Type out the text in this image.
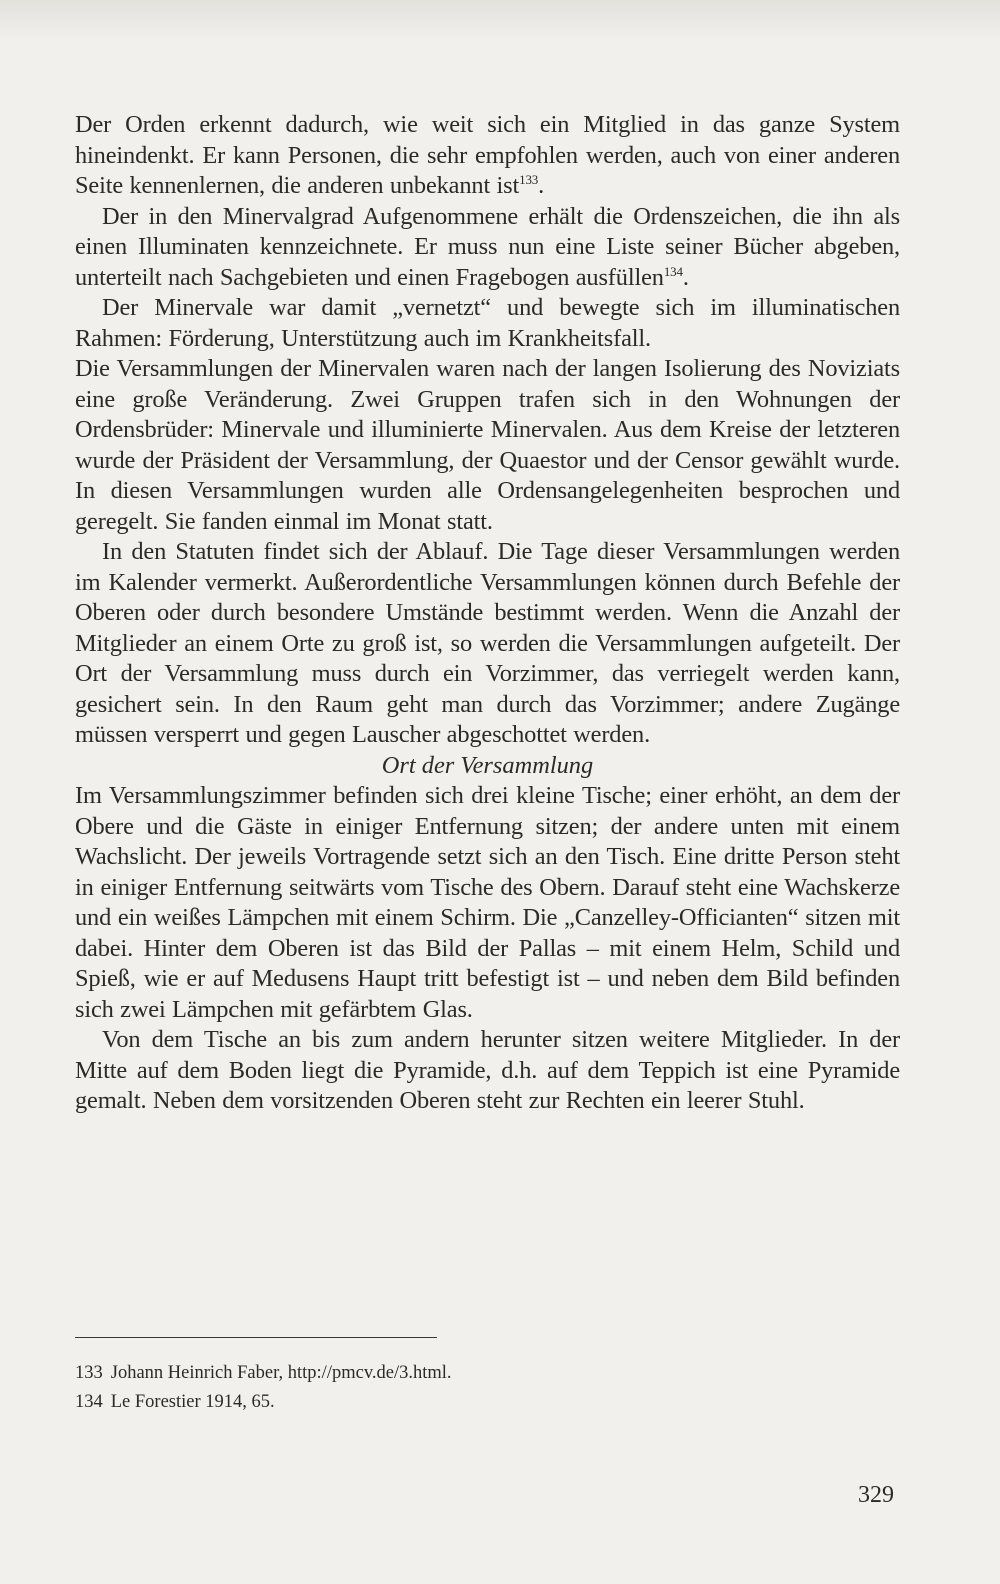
Der Orden erkennt dadurch, wie weit sich ein Mitglied in das ganze System hineindenkt. Er kann Personen, die sehr empfohlen werden, auch von einer anderen Seite kennenlernen, die anderen unbekannt ist$^{133}$.

Der in den Minervalgrad Aufgenommene erhält die Ordenszeichen, die ihn als einen Illuminaten kennzeichnete. Er muss nun eine Liste seiner Bücher abgeben, unterteilt nach Sachgebieten und einen Fragebogen ausfüllen$^{134}$.

Der Minervale war damit „vernetzt“ und bewegte sich im illuminatischen Rahmen: Förderung, Unterstützung auch im Krankheitsfall.

Die Versammlungen der Minervalen waren nach der langen Isolierung des Noviziats eine große Veränderung. Zwei Gruppen trafen sich in den Wohnungen der Ordensbrüder: Minervale und illuminierte Minervalen. Aus dem Kreise der letzteren wurde der Präsident der Versammlung, der Quaestor und der Censor gewählt wurde. In diesen Versammlungen wurden alle Ordensangelegenheiten besprochen und geregelt. Sie fanden einmal im Monat statt.

In den Statuten findet sich der Ablauf. Die Tage dieser Versammlungen werden im Kalender vermerkt. Außerordentliche Versammlungen können durch Befehle der Oberen oder durch besondere Umstände bestimmt werden. Wenn die Anzahl der Mitglieder an einem Orte zu groß ist, so werden die Versammlungen aufgeteilt. Der Ort der Versammlung muss durch ein Vorzimmer, das verriegelt werden kann, gesichert sein. In den Raum geht man durch das Vorzimmer; andere Zugänge müssen versperrt und gegen Lauscher abgeschottet werden.

Ort der Versammlung

Im Versammlungszimmer befinden sich drei kleine Tische; einer erhöht, an dem der Obere und die Gäste in einiger Entfernung sitzen; der andere unten mit einem Wachslicht. Der jeweils Vortragende setzt sich an den Tisch. Eine dritte Person steht in einiger Entfernung seitwärts vom Tische des Obern. Darauf steht eine Wachskerze und ein weißes Lämpchen mit einem Schirm. Die „Canzelley-Officianten“ sitzen mit dabei. Hinter dem Oberen ist das Bild der Pallas – mit einem Helm, Schild und Spieß, wie er auf Medusens Haupt tritt befestigt ist – und neben dem Bild befinden sich zwei Lämpchen mit gefärbtem Glas.

Von dem Tische an bis zum andern herunter sitzen weitere Mitglieder. In der Mitte auf dem Boden liegt die Pyramide, d.h. auf dem Teppich ist eine Pyramide gemalt. Neben dem vorsitzenden Oberen steht zur Rechten ein leerer Stuhl.

133 Johann Heinrich Faber, http://pmcv.de/3.html.

134 Le Forestier 1914, 65.

329
